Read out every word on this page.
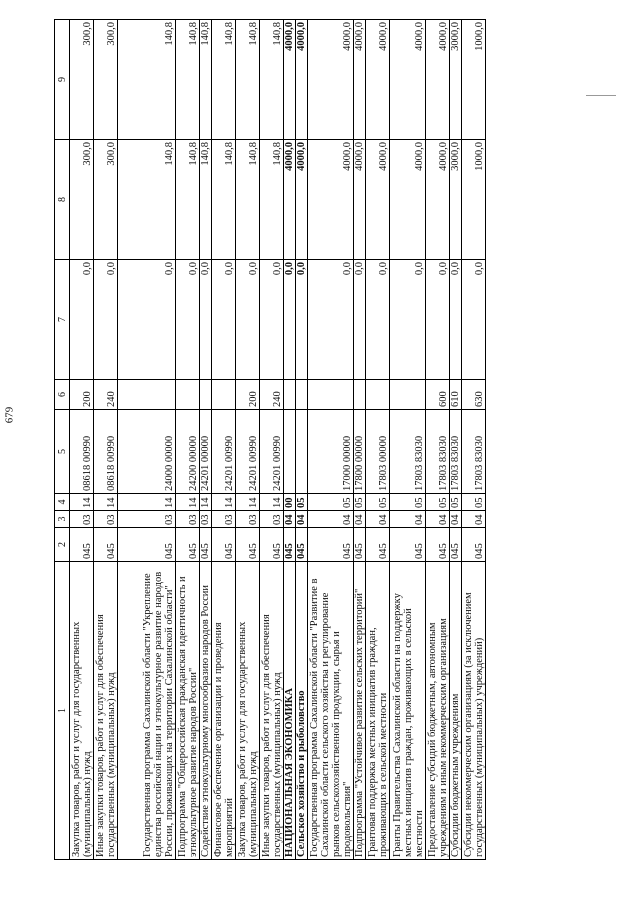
679
1	2	3	4	5	6	7	8	9
Закупка товаров, работ и услуг для государственных (муниципальных) нужд	045	03	14	08618 00990	200	0,0	300,0	300,0
Иные закупки товаров, работ и услуг для обеспечения государственных (муниципальных) нужд	045	03	14	08618 00990	240	0,0	300,0	300,0
Государственная программа Сахалинской области "Укрепление единства российской нации и этнокультурное развитие народов России, проживающих на территории Сахалинской области"	045	03	14	24000 00000		0,0	140,8	140,8
Подпрограмма "Общероссийская гражданская идентичность и этнокультурное развитие народов России"	045	03	14	24200 00000		0,0	140,8	140,8
Содействие этнокультурному многообразию народов России	045	03	14	24201 00000		0,0	140,8	140,8
Финансовое обеспечение организации и проведения мероприятий	045	03	14	24201 00990		0,0	140,8	140,8
Закупка товаров, работ и услуг для государственных (муниципальных) нужд	045	03	14	24201 00990	200	0,0	140,8	140,8
Иные закупки товаров, работ и услуг для обеспечения государственных (муниципальных) нужд	045	03	14	24201 00990	240	0,0	140,8	140,8
НАЦИОНАЛЬНАЯ ЭКОНОМИКА	045	04	00			0,0	4000,0	4000,0
Сельское хозяйство и рыболовство	045	04	05			0,0	4000,0	4000,0
Государственная программа Сахалинской области "Развитие в Сахалинской области сельского хозяйства и регулирование рынков сельскохозяйственной продукции, сырья и продовольствия"	045	04	05	17000 00000		0,0	4000,0	4000,0
Подпрограмма "Устойчивое развитие сельских территорий"	045	04	05	17800 00000		0,0	4000,0	4000,0
Грантовая поддержка местных инициатив граждан, проживающих в сельской местности	045	04	05	17803 00000		0,0	4000,0	4000,0
Гранты Правительства Сахалинской области на поддержку местных инициатив граждан, проживающих в сельской местности	045	04	05	17803 83030		0,0	4000,0	4000,0
Предоставление субсидий бюджетным, автономным учреждениям и иным некоммерческим организациям	045	04	05	17803 83030	600	0,0	4000,0	4000,0
Субсидии бюджетным учреждениям	045	04	05	17803 83030	610	0,0	3000,0	3000,0
Субсидии некоммерческим организациям (за исключением государственных (муниципальных) учреждений)	045	04	05	17803 83030	630	0,0	1000,0	1000,0
